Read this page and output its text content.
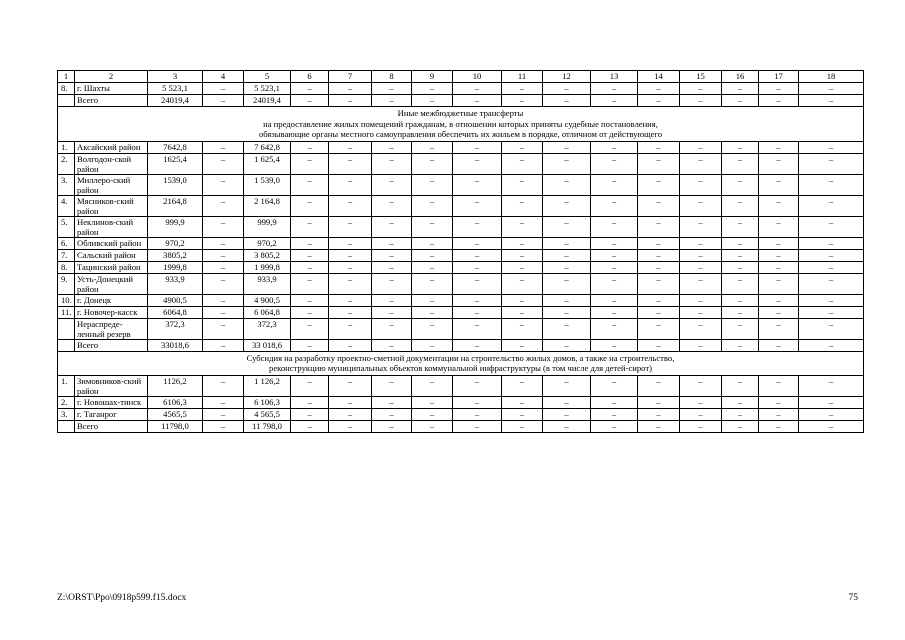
1	2	3	4	5	6	7	8	9	10	11	12	13	14	15	16	17	18
8.	г. Шахты	5 523,1	–	5 523,1	–	–	–	–	–	–	–	–	–	–	–	–	–
	Всего	24019,4	–	24019,4	–	–	–	–	–	–	–	–	–	–	–	–	–

Иные межбюджетные трансферты
на предоставление жилых помещений гражданам, в отношении которых приняты судебные постановления,
обязывающие органы местного самоуправления обеспечить их жильем в порядке, отличном от действующего																	

1.	Аксайский район	7642,8	–	7 642,8	–	–	–	–	–	–	–	–	–	–	–	–	–
2.	Волгодон-ской район	1625,4	–	1 625,4	–	–	–	–	–	–	–	–	–	–	–	–	–
3.	Миллеро-ский район	1539,0	–	1 539,0	–	–	–	–	–	–	–	–	–	–	–	–	–
4.	Мясников-ский район	2164,8	–	2 164,8	–	–	–	–	–	–	–	–	–	–	–	–	–
5.	Неклинов-ский район	999,9	–	999,9	–	–	–	–	–	–	–	–	–	–	–	–	–
6.	Обливский район	970,2	–	970,2	–	–	–	–	–	–	–	–	–	–	–	–	–
7.	Сальский район	3805,2	–	3 805,2	–	–	–	–	–	–	–	–	–	–	–	–	–
8.	Тацинский район	1999,8	–	1 999,8	–	–	–	–	–	–	–	–	–	–	–	–	–
9.	Усть-Донецкий район	933,9	–	933,9	–	–	–	–	–	–	–	–	–	–	–	–	–
10.	г. Донецк	4900,5	–	4 900,5	–	–	–	–	–	–	–	–	–	–	–	–	–
11.	г. Новочер-касск	6064,8	–	6 064,8	–	–	–	–	–	–	–	–	–	–	–	–	–
	Нераспреде-ленный резерв	372,3	–	372,3	–	–	–	–	–	–	–	–	–	–	–	–	–
	Всего	33018,6	–	33 018,6	–	–	–	–	–	–	–	–	–	–	–	–	–

Субсидия на разработку проектно-сметной документации на строительство жилых домов, а также на строительство,
реконструкцию муниципальных объектов коммунальной инфраструктуры (в том числе для детей-сирот)																	

1.	Зимовников-ский район	1126,2	–	1 126,2	–	–	–	–	–	–	–	–	–	–	–	–	–
2.	г. Новошах-тинск	6106,3	–	6 106,3	–	–	–	–	–	–	–	–	–	–	–	–	–
3.	г. Таганрог	4565,5	–	4 565,5	–	–	–	–	–	–	–	–	–	–	–	–	–
	Всего	11798,0	–	11 798,0	–	–	–	–	–	–	–	–	–	–	–	–	–
Z:\ORST\Ppo\0918p599.f15.docx	75
